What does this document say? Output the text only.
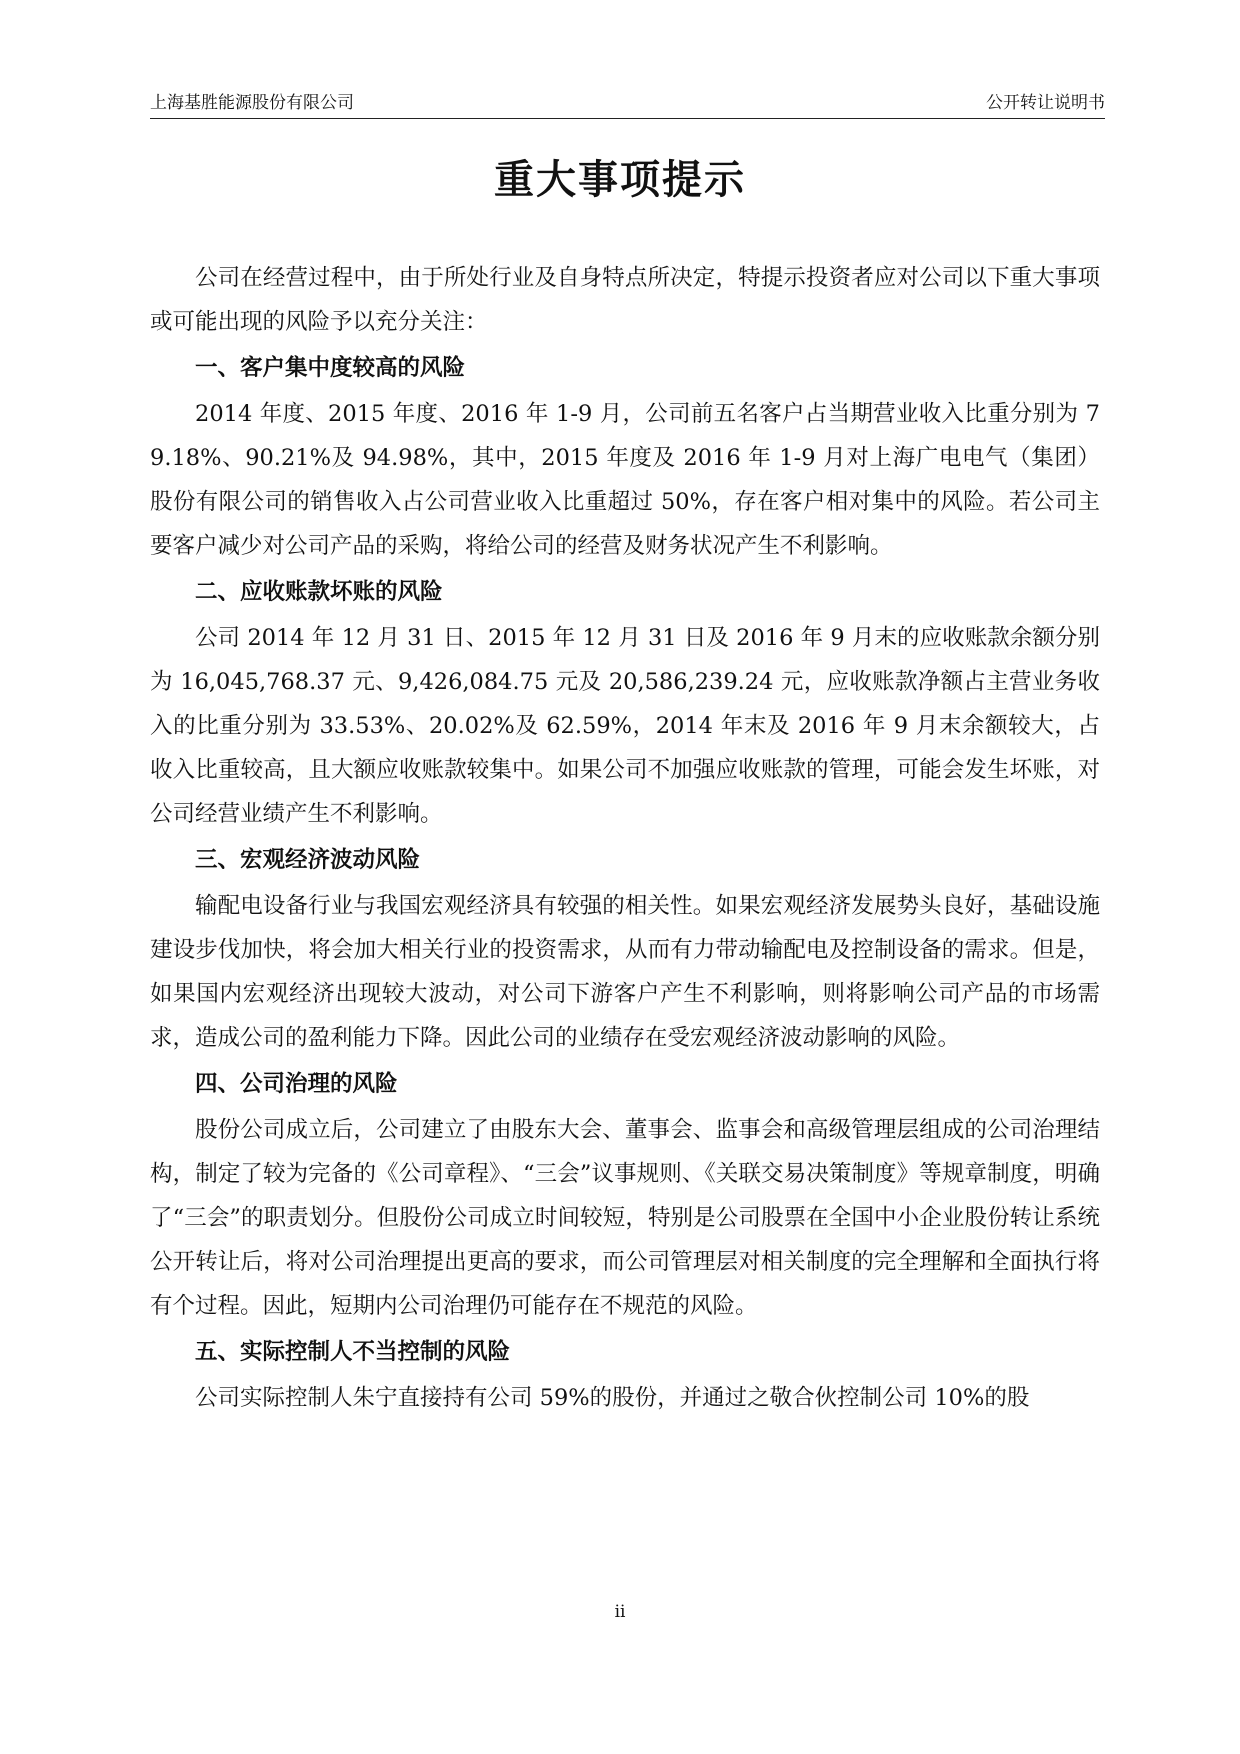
上海基胜能源股份有限公司	公开转让说明书
重大事项提示

公司在经营过程中，由于所处行业及自身特点所决定，特提示投资者应对公司以下重大事项或可能出现的风险予以充分关注：

一、客户集中度较高的风险

2014 年度、2015 年度、2016 年 1-9 月，公司前五名客户占当期营业收入比重分别为 79.18%、90.21%及 94.98%，其中，2015 年度及 2016 年 1-9 月对上海广电电气（集团）股份有限公司的销售收入占公司营业收入比重超过 50%，存在客户相对集中的风险。若公司主要客户减少对公司产品的采购，将给公司的经营及财务状况产生不利影响。

二、应收账款坏账的风险

公司 2014 年 12 月 31 日、2015 年 12 月 31 日及 2016 年 9 月末的应收账款余额分别为 16,045,768.37 元、9,426,084.75 元及 20,586,239.24 元，应收账款净额占主营业务收入的比重分别为 33.53%、20.02%及 62.59%，2014 年末及 2016 年 9 月末余额较大，占收入比重较高，且大额应收账款较集中。如果公司不加强应收账款的管理，可能会发生坏账，对公司经营业绩产生不利影响。

三、宏观经济波动风险

输配电设备行业与我国宏观经济具有较强的相关性。如果宏观经济发展势头良好，基础设施建设步伐加快，将会加大相关行业的投资需求，从而有力带动输配电及控制设备的需求。但是，如果国内宏观经济出现较大波动，对公司下游客户产生不利影响，则将影响公司产品的市场需求，造成公司的盈利能力下降。因此公司的业绩存在受宏观经济波动影响的风险。

四、公司治理的风险

股份公司成立后，公司建立了由股东大会、董事会、监事会和高级管理层组成的公司治理结构，制定了较为完备的《公司章程》、“三会”议事规则、《关联交易决策制度》等规章制度，明确了“三会”的职责划分。但股份公司成立时间较短，特别是公司股票在全国中小企业股份转让系统公开转让后，将对公司治理提出更高的要求，而公司管理层对相关制度的完全理解和全面执行将有个过程。因此，短期内公司治理仍可能存在不规范的风险。

五、实际控制人不当控制的风险

公司实际控制人朱宁直接持有公司 59%的股份，并通过之敬合伙控制公司 10%的股

ii
